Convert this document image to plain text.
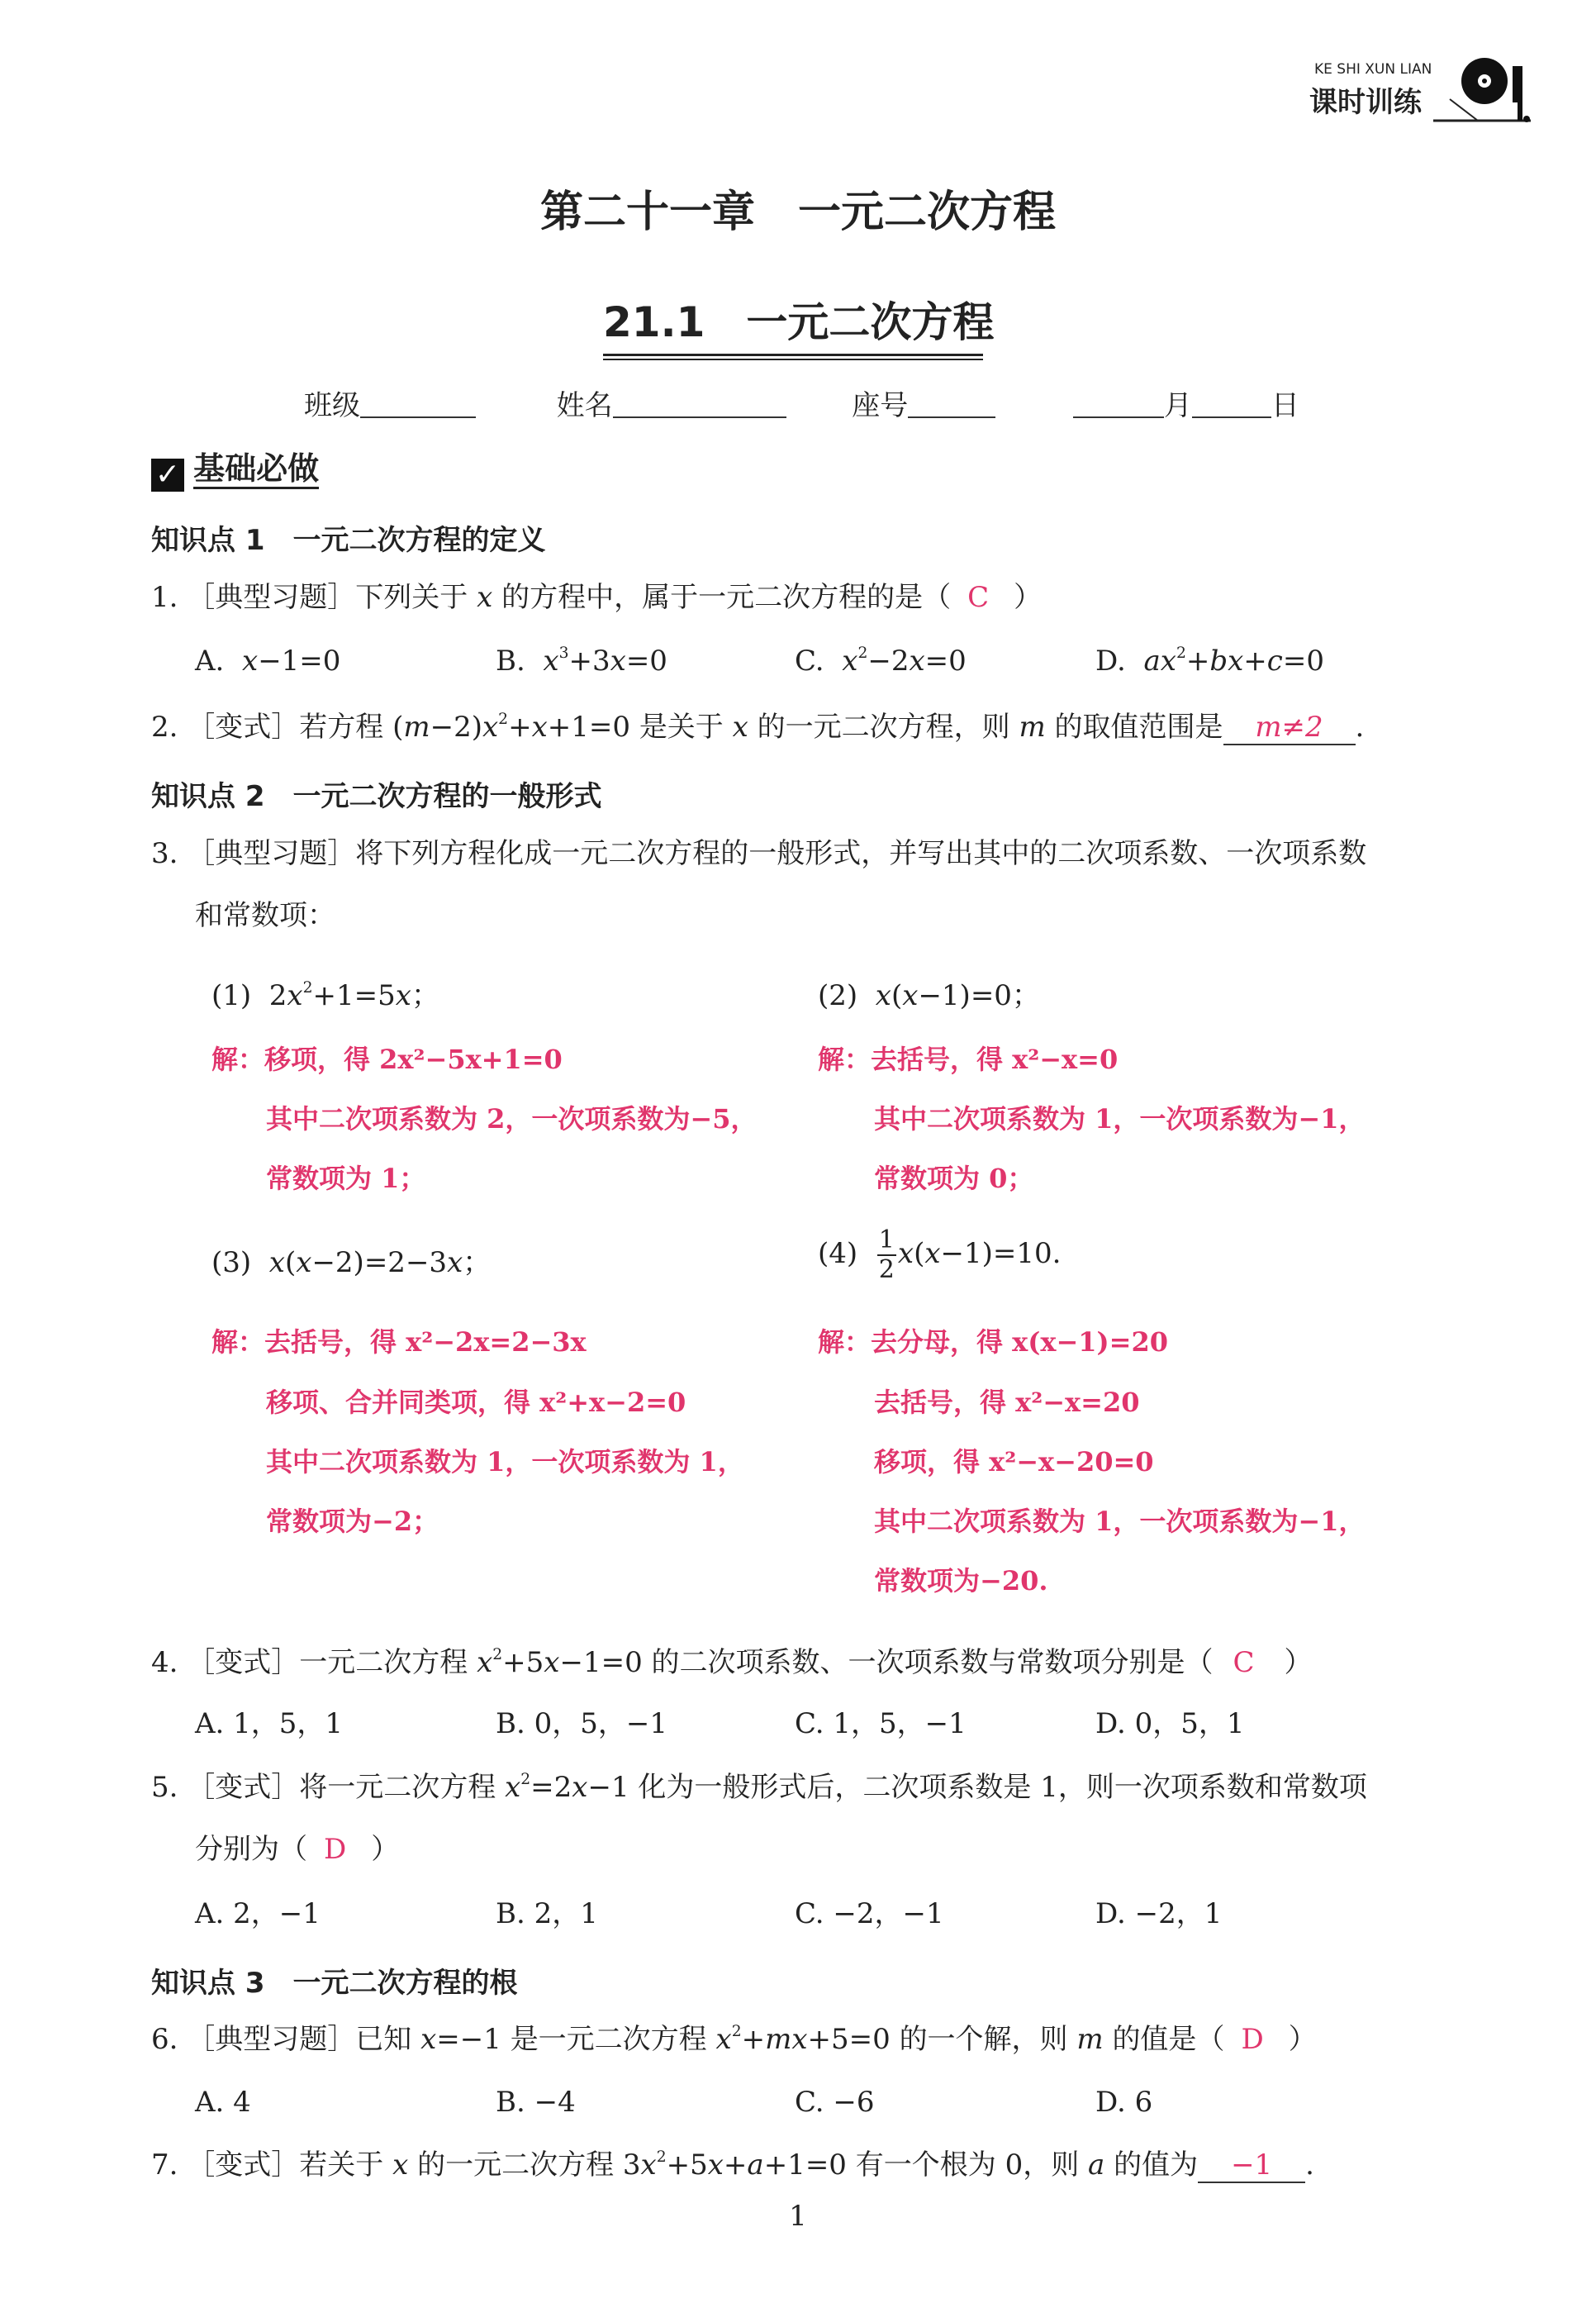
KE SHI XUN LIAN
课时训练
第二十一章　一元二次方程
21.1　一元二次方程
班级	姓名	座号	月	日
✓ 基础必做
知识点 1　一元二次方程的定义
1. ［典型习题］下列关于 x 的方程中，属于一元二次方程的是（ C ）
A. x−1=0	B. $x^3+3x=0$	C. $x^2-2x=0$	D. $ax^2+bx+c=0$
2. ［变式］若方程 $(m-2)x^2+x+1=0$ 是关于 x 的一元二次方程，则 m 的取值范围是 m≠2 .
知识点 2　一元二次方程的一般形式
3. ［典型习题］将下列方程化成一元二次方程的一般形式，并写出其中的二次项系数、一次项系数
和常数项：
(1)  $2x^2+1=5x$；	(2) x(x−1)=0；
解：移项，得 2x²−5x+1=0
其中二次项系数为 2，一次项系数为−5，
常数项为 1；
解：去括号，得 x²−x=0
其中二次项系数为 1，一次项系数为−1，
常数项为 0；
(3) x(x−2)=2−3x；	$(4) \frac{1}{2} x(x-1)=10$.
解：去括号，得 x²−2x=2−3x
移项、合并同类项，得 x²+x−2=0
其中二次项系数为 1，一次项系数为 1，
常数项为−2；
解：去分母，得 x(x−1)=20
去括号，得 x²−x=20
移项，得 x²−x−20=0
其中二次项系数为 1，一次项系数为−1，
常数项为−20.
4. ［变式］一元二次方程 $x^2+5x-1=0$ 的二次项系数、一次项系数与常数项分别是（ C ）
A. 1，5，1	B. 0，5，−1	C. 1，5，−1	D. 0，5，1
5. ［变式］将一元二次方程 $x^2=2x-1$ 化为一般形式后，二次项系数是 1，则一次项系数和常数项
分别为（ D ）
A. 2，−1	B. 2，1	C. −2，−1	D. −2，1
知识点 3　一元二次方程的根
6. ［典型习题］已知 x=−1 是一元二次方程 $x^2+mx+5=0$ 的一个解，则 m 的值是（ D ）
A. 4	B. −4	C. −6	D. 6
7. ［变式］若关于 x 的一元二次方程 $3x^2+5x+a+1=0$ 有一个根为 0，则 a 的值为 −1 .
1
